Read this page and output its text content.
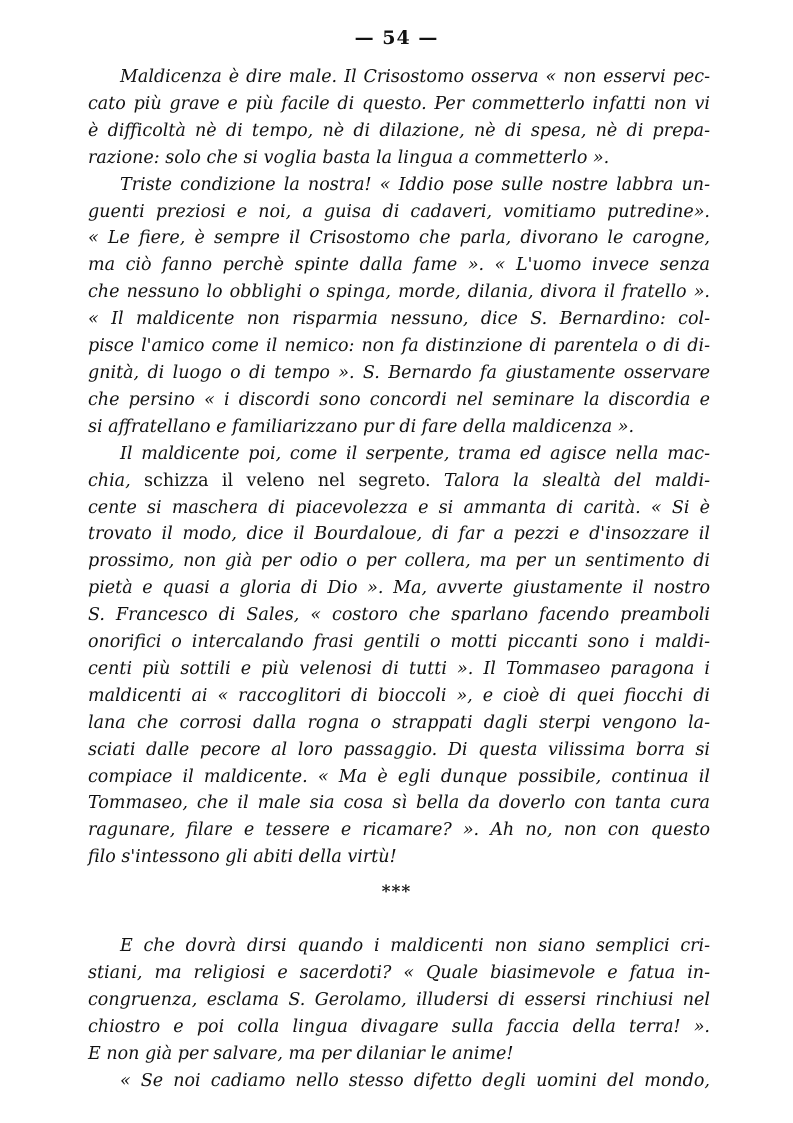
— 54 —
Maldicenza è dire male. Il Crisostomo osserva « non esservi pec-
cato più grave e più facile di questo. Per commetterlo infatti non vi
è difficoltà nè di tempo, nè di dilazione, nè di spesa, nè di prepa-
razione: solo che si voglia basta la lingua a commetterlo ».
Triste condizione la nostra! « Iddio pose sulle nostre labbra un-
guenti preziosi e noi, a guisa di cadaveri, vomitiamo putredine».
« Le fiere, è sempre il Crisostomo che parla, divorano le carogne,
ma ciò fanno perchè spinte dalla fame ». « L'uomo invece senza
che nessuno lo obblighi o spinga, morde, dilania, divora il fratello ».
« Il maldicente non risparmia nessuno, dice S. Bernardino: col-
pisce l'amico come il nemico: non fa distinzione di parentela o di di-
gnità, di luogo o di tempo ». S. Bernardo fa giustamente osservare
che persino « i discordi sono concordi nel seminare la discordia e
si affratellano e familiarizzano pur di fare della maldicenza ».
Il maldicente poi, come il serpente, trama ed agisce nella mac-
chia, schizza il veleno nel segreto. Talora la slealtà del maldi-
cente si maschera di piacevolezza e si ammanta di carità. « Si è
trovato il modo, dice il Bourdaloue, di far a pezzi e d'insozzare il
prossimo, non già per odio o per collera, ma per un sentimento di
pietà e quasi a gloria di Dio ». Ma, avverte giustamente il nostro
S. Francesco di Sales, « costoro che sparlano facendo preamboli
onorifici o intercalando frasi gentili o motti piccanti sono i maldi-
centi più sottili e più velenosi di tutti ». Il Tommaseo paragona i
maldicenti ai « raccoglitori di bioccoli », e cioè di quei fiocchi di
lana che corrosi dalla rogna o strappati dagli sterpi vengono la-
sciati dalle pecore al loro passaggio. Di questa vilissima borra si
compiace il maldicente. « Ma è egli dunque possibile, continua il
Tommaseo, che il male sia cosa sì bella da doverlo con tanta cura
ragunare, filare e tessere e ricamare? ». Ah no, non con questo
filo s'intessono gli abiti della virtù!
***
E che dovrà dirsi quando i maldicenti non siano semplici cri-
stiani, ma religiosi e sacerdoti? « Quale biasimevole e fatua in-
congruenza, esclama S. Gerolamo, illudersi di essersi rinchiusi nel
chiostro e poi colla lingua divagare sulla faccia della terra! ».
E non già per salvare, ma per dilaniar le anime!
« Se noi cadiamo nello stesso difetto degli uomini del mondo,
